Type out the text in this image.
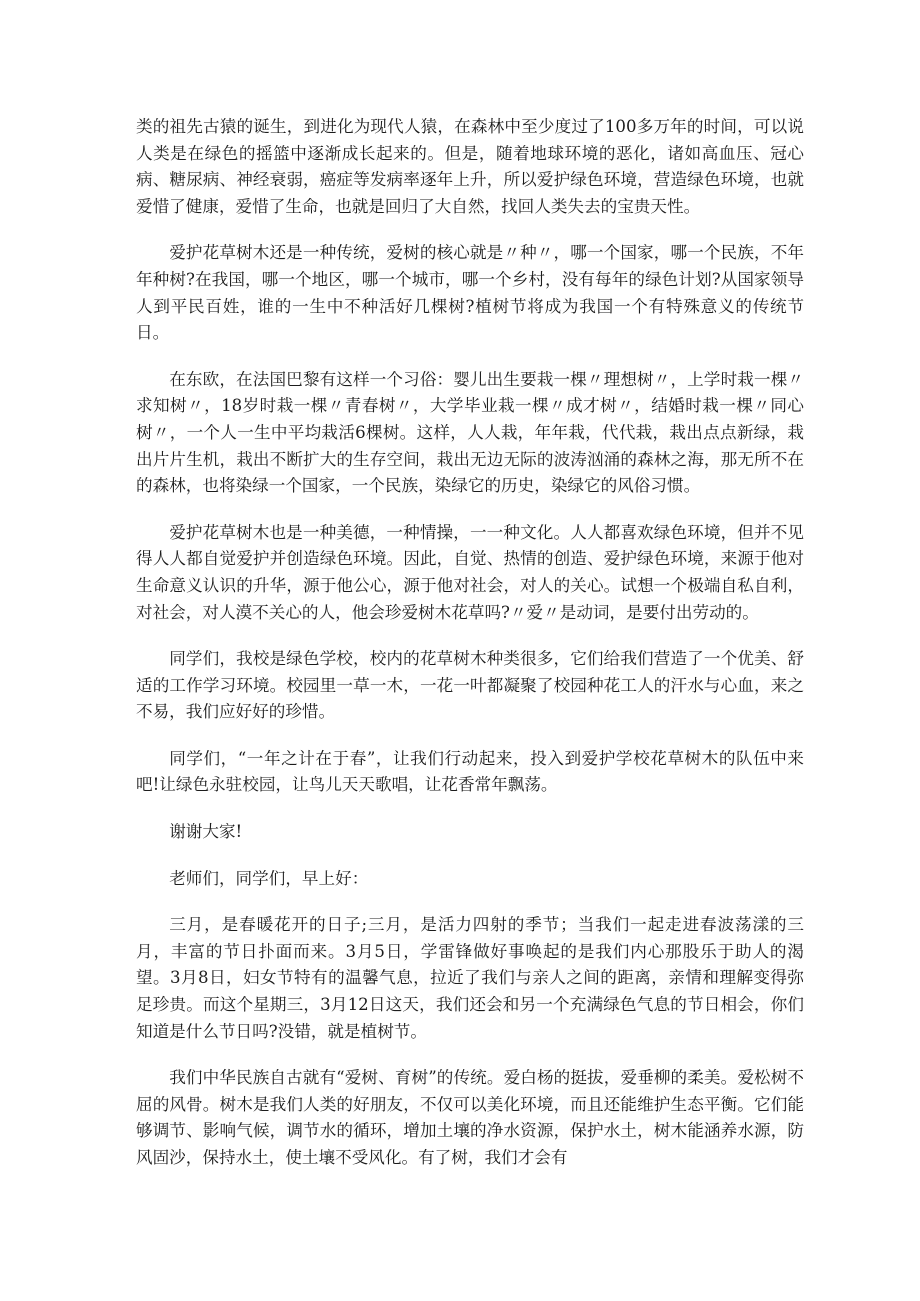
类的祖先古猿的诞生，到进化为现代人猿，在森林中至少度过了100多万年的时间，可以说人类是在绿色的摇篮中逐渐成长起来的。但是，随着地球环境的恶化，诸如高血压、冠心病、糖尿病、神经衰弱，癌症等发病率逐年上升，所以爱护绿色环境，营造绿色环境，也就爱惜了健康，爱惜了生命，也就是回归了大自然，找回人类失去的宝贵天性。

爱护花草树木还是一种传统，爱树的核心就是〃种〃，哪一个国家，哪一个民族，不年年种树?在我国，哪一个地区，哪一个城市，哪一个乡村，没有每年的绿色计划?从国家领导人到平民百姓，谁的一生中不种活好几棵树?植树节将成为我国一个有特殊意义的传统节日。

在东欧，在法国巴黎有这样一个习俗：婴儿出生要栽一棵〃理想树〃，上学时栽一棵〃求知树〃，18岁时栽一棵〃青春树〃，大学毕业栽一棵〃成才树〃，结婚时栽一棵〃同心树〃，一个人一生中平均栽活6棵树。这样，人人栽，年年栽，代代栽，栽出点点新绿，栽出片片生机，栽出不断扩大的生存空间，栽出无边无际的波涛汹涌的森林之海，那无所不在的森林，也将染绿一个国家，一个民族，染绿它的历史，染绿它的风俗习惯。

爱护花草树木也是一种美德，一种情操，一一种文化。人人都喜欢绿色环境，但并不见得人人都自觉爱护并创造绿色环境。因此，自觉、热情的创造、爱护绿色环境，来源于他对生命意义认识的升华，源于他公心，源于他对社会，对人的关心。试想一个极端自私自利，对社会，对人漠不关心的人，他会珍爱树木花草吗?〃爱〃是动词，是要付出劳动的。

同学们，我校是绿色学校，校内的花草树木种类很多，它们给我们营造了一个优美、舒适的工作学习环境。校园里一草一木，一花一叶都凝聚了校园种花工人的汗水与心血，来之不易，我们应好好的珍惜。

同学们，“一年之计在于春”，让我们行动起来，投入到爱护学校花草树木的队伍中来吧!让绿色永驻校园，让鸟儿天天歌唱，让花香常年飘荡。

谢谢大家!

老师们，同学们，早上好：

三月，是春暖花开的日子;三月，是活力四射的季节；当我们一起走进春波荡漾的三月，丰富的节日扑面而来。3月5日，学雷锋做好事唤起的是我们内心那股乐于助人的渴望。3月8日，妇女节特有的温馨气息，拉近了我们与亲人之间的距离，亲情和理解变得弥足珍贵。而这个星期三，3月12日这天，我们还会和另一个充满绿色气息的节日相会，你们知道是什么节日吗?没错，就是植树节。

我们中华民族自古就有“爱树、育树”的传统。爱白杨的挺拔，爱垂柳的柔美。爱松树不屈的风骨。树木是我们人类的好朋友，不仅可以美化环境，而且还能维护生态平衡。它们能够调节、影响气候，调节水的循环，增加土壤的净水资源，保护水土，树木能涵养水源，防风固沙，保持水土，使土壤不受风化。有了树，我们才会有
